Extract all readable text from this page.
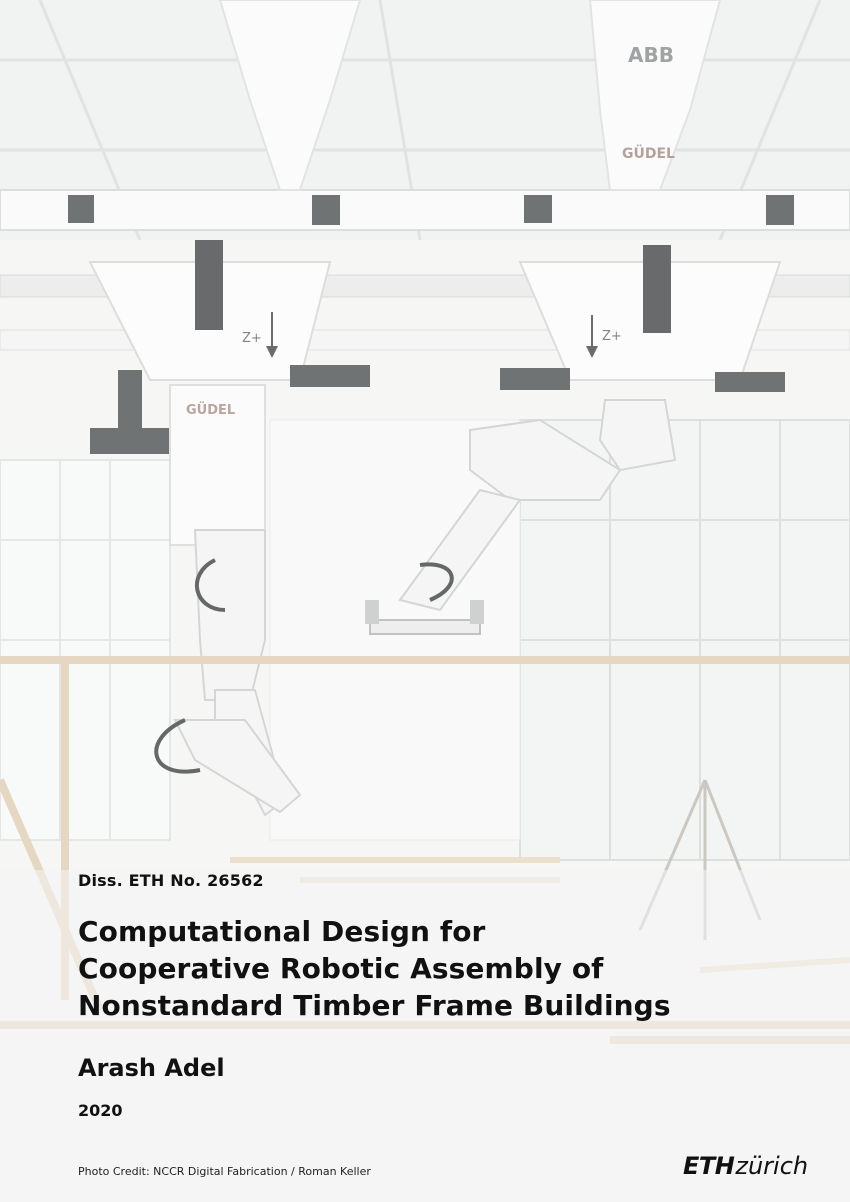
ABB
GÜDEL
Z+	Z+
GÜDEL
Diss. ETH No. 26562
Computational Design for
Cooperative Robotic Assembly of
Nonstandard Timber Frame Buildings
Arash Adel
2020
Photo Credit: NCCR Digital Fabrication / Roman Keller	ETHzürich
